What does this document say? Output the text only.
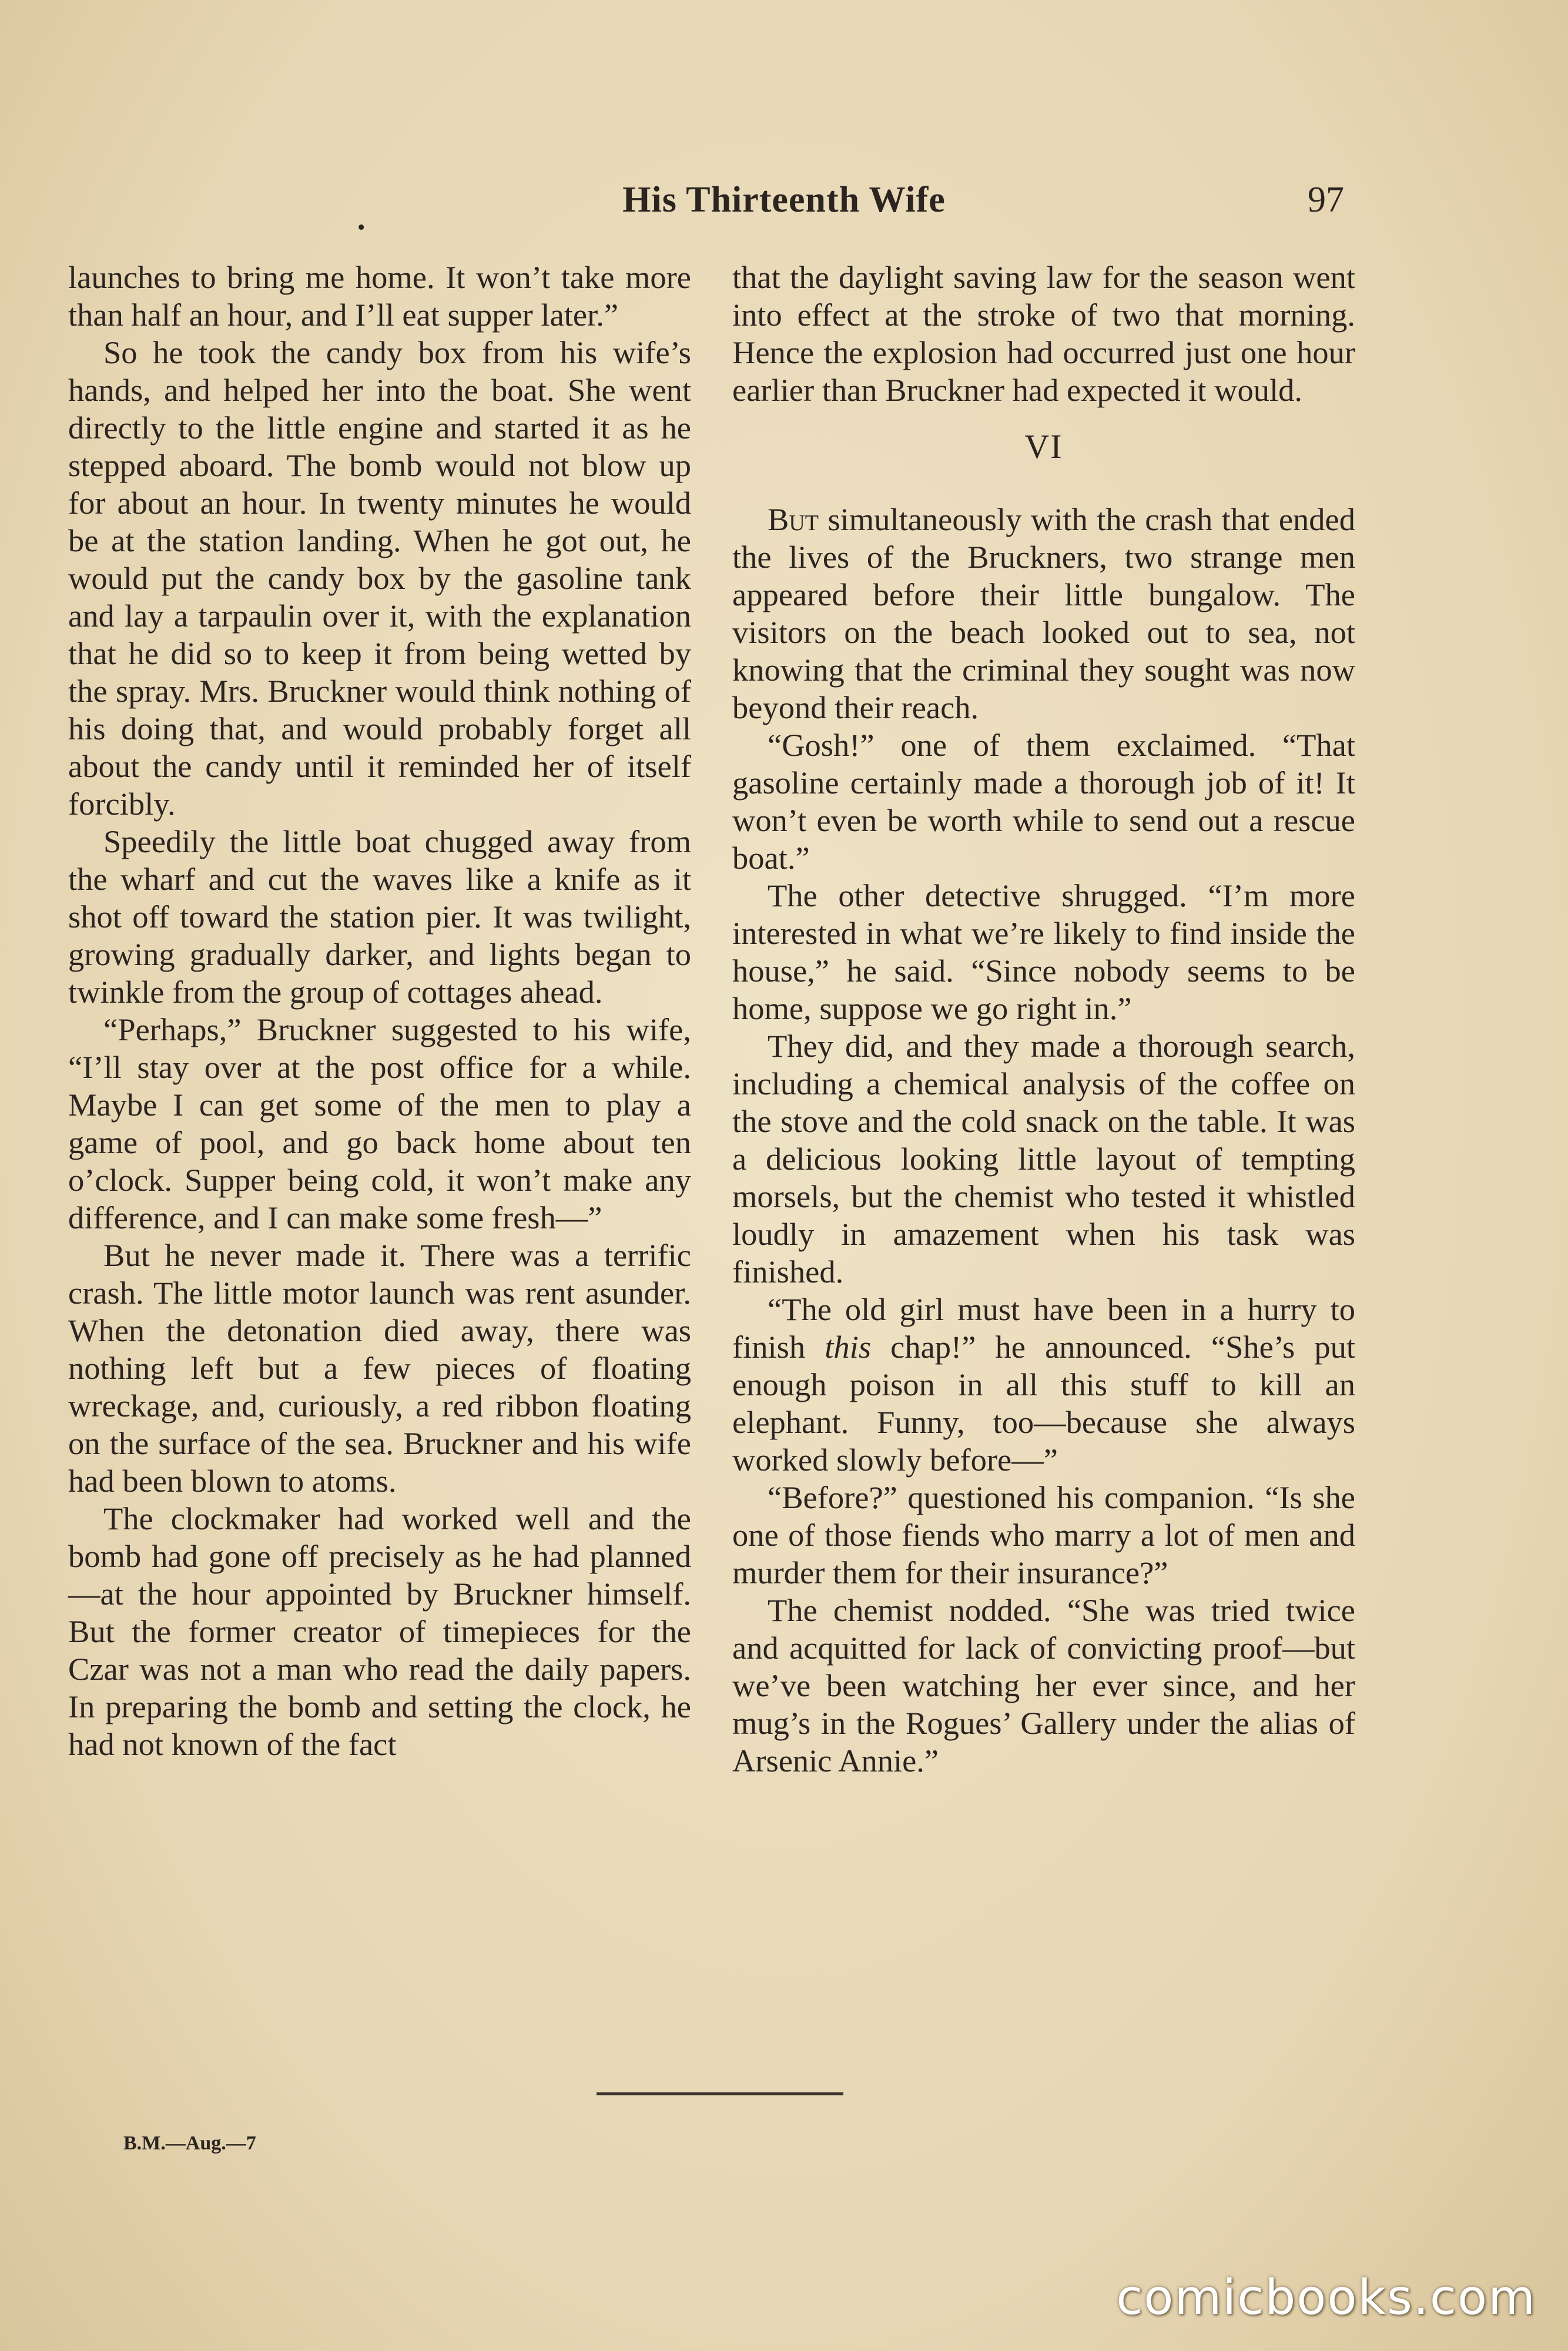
•
His Thirteenth Wife	97

launches to bring me home. It won’t take more than half an hour, and I’ll eat supper later.”

So he took the candy box from his wife’s hands, and helped her into the boat. She went directly to the little engine and started it as he stepped aboard. The bomb would not blow up for about an hour. In twenty minutes he would be at the station landing. When he got out, he would put the candy box by the gasoline tank and lay a tarpaulin over it, with the explanation that he did so to keep it from being wetted by the spray. Mrs. Bruckner would think nothing of his doing that, and would probably forget all about the candy until it reminded her of itself forcibly.

Speedily the little boat chugged away from the wharf and cut the waves like a knife as it shot off toward the station pier. It was twilight, growing gradually darker, and lights began to twinkle from the group of cottages ahead.

“Perhaps,” Bruckner suggested to his wife, “I’ll stay over at the post office for a while. Maybe I can get some of the men to play a game of pool, and go back home about ten o’clock. Supper being cold, it won’t make any difference, and I can make some fresh—”

But he never made it. There was a terrific crash. The little motor launch was rent asunder. When the detonation died away, there was nothing left but a few pieces of floating wreckage, and, curiously, a red ribbon floating on the surface of the sea. Bruckner and his wife had been blown to atoms.

The clockmaker had worked well and the bomb had gone off precisely as he had planned—at the hour appointed by Bruckner himself. But the former creator of timepieces for the Czar was not a man who read the daily papers. In preparing the bomb and setting the clock, he had not known of the fact

that the daylight saving law for the season went into effect at the stroke of two that morning. Hence the explosion had occurred just one hour earlier than Bruckner had expected it would.

VI

But simultaneously with the crash that ended the lives of the Bruckners, two strange men appeared before their little bungalow. The visitors on the beach looked out to sea, not knowing that the criminal they sought was now beyond their reach.

“Gosh!” one of them exclaimed. “That gasoline certainly made a thorough job of it! It won’t even be worth while to send out a rescue boat.”

The other detective shrugged. “I’m more interested in what we’re likely to find inside the house,” he said. “Since nobody seems to be home, suppose we go right in.”

They did, and they made a thorough search, including a chemical analysis of the coffee on the stove and the cold snack on the table. It was a delicious looking little layout of tempting morsels, but the chemist who tested it whistled loudly in amazement when his task was finished.

“The old girl must have been in a hurry to finish this chap!” he announced. “She’s put enough poison in all this stuff to kill an elephant. Funny, too—because she always worked slowly before—”

“Before?” questioned his companion. “Is she one of those fiends who marry a lot of men and murder them for their insurance?”

The chemist nodded. “She was tried twice and acquitted for lack of convicting proof—but we’ve been watching her ever since, and her mug’s in the Rogues’ Gallery under the alias of Arsenic Annie.”

B.M.—Aug.—7
comicbooks.com
